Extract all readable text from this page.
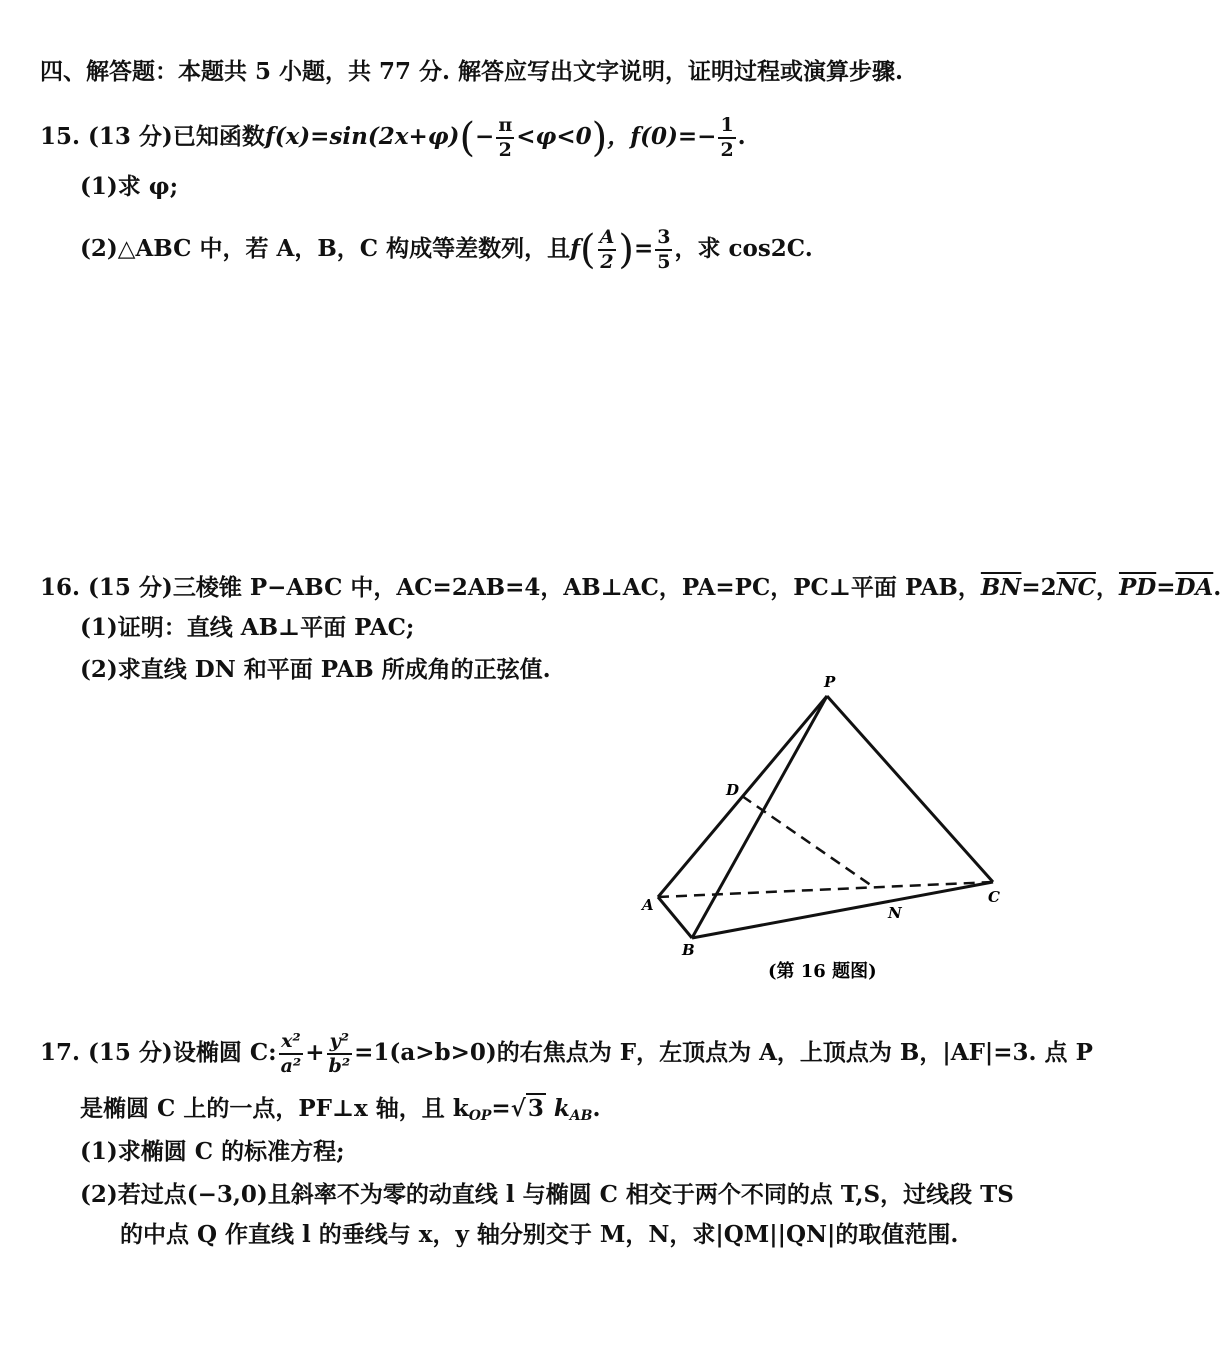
四、解答题：本题共 5 小题，共 77 分. 解答应写出文字说明，证明过程或演算步骤.
15. (13 分)已知函数$f(x)=\sin(2x+\varphi)(- \frac{\pi}{2} <\varphi<0)$，$f(0)=- \frac{1}{2}$ .
(1)求 φ;
(2)△ABC 中，若 A，B，C 构成等差数列，且$f( \frac{A}{2}$ )= $\frac{3}{5}$ ，求 cos2C.
16. (15 分)三棱锥 P−ABC 中，AC=2AB=4，AB⊥AC，PA=PC，PC⊥平面 PAB，$\overline{BN}=2\overline{NC}$，$\overline{PD}=\overline{DA}$.
(1)证明：直线 AB⊥平面 PAC;
(2)求直线 DN 和平面 PAB 所成角的正弦值.	P
D
A
B
C
N
(第 16 题图)
17. (15 分)设椭圆 C: $\frac{\text{x²}}{\text{a²}} + \frac{\text{y²}}{\text{b²}} =1(a>b>0)$的右焦点为 F，左顶点为 A，上顶点为 B，|AF|=3. 点 P
是椭圆 C 上的一点，PF⊥x 轴，且 $k_{OP}=√3$ $k_{AB}$.
(1)求椭圆 C 的标准方程;
(2)若过点(−3,0)且斜率不为零的动直线 l 与椭圆 C 相交于两个不同的点 T,S，过线段 TS
的中点 Q 作直线 l 的垂线与 x，y 轴分别交于 M，N，求|QM||QN|的取值范围.
